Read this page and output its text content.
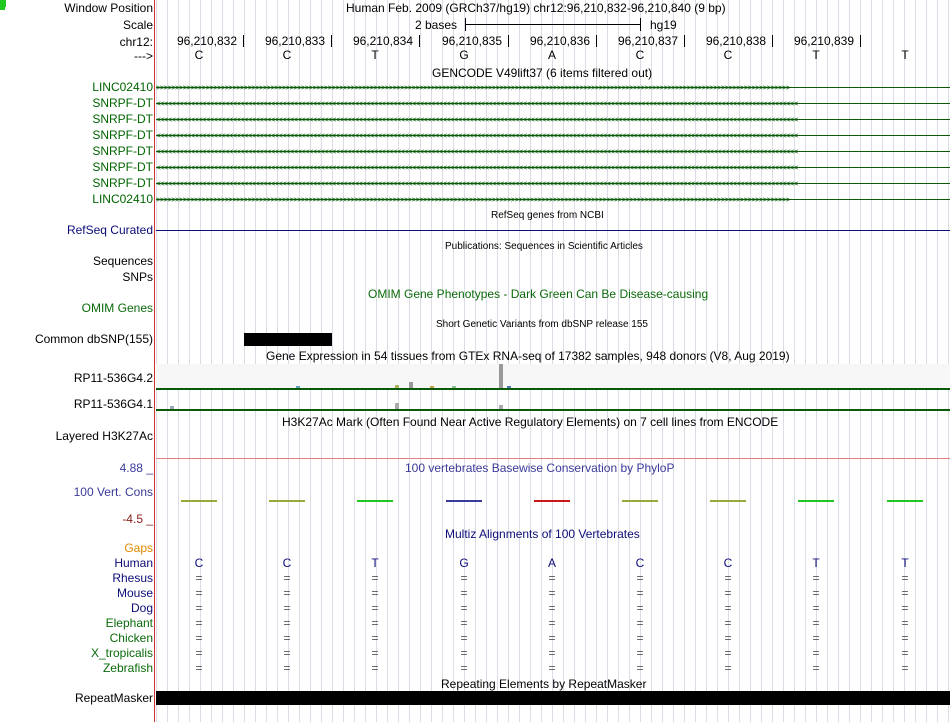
Window Position	Human Feb. 2009 (GRCh37/hg19) chr12:96,210,832-96,210,840 (9 bp)
Scale	2 bases	hg19
chr12:	96,210,832	96,210,833	96,210,834	96,210,835	96,210,836	96,210,837	96,210,838	96,210,839
--->	C	C	T	G	A	C	C	T	T
GENCODE V49lift37 (6 items filtered out)
LINC02410
SNRPF-DT
SNRPF-DT
SNRPF-DT
SNRPF-DT
SNRPF-DT
SNRPF-DT
LINC02410
RefSeq genes from NCBI
RefSeq Curated
Publications: Sequences in Scientific Articles
Sequences
SNPs
OMIM Gene Phenotypes - Dark Green Can Be Disease-causing
OMIM Genes
Short Genetic Variants from dbSNP release 155
Common dbSNP(155)
Gene Expression in 54 tissues from GTEx RNA-seq of 17382 samples, 948 donors (V8, Aug 2019)
RP11-536G4.2
RP11-536G4.1
H3K27Ac Mark (Often Found Near Active Regulatory Elements) on 7 cell lines from ENCODE
Layered H3K27Ac
100 vertebrates Basewise Conservation by PhyloP
4.88 _
100 Vert. Cons
-4.5 _
Multiz Alignments of 100 Vertebrates
Gaps
Human	C	C	T	G	A	C	C	T	T
Rhesus	=	=	=	=	=	=	=	=	=
Mouse	=	=	=	=	=	=	=	=	=
Dog	=	=	=	=	=	=	=	=	=
Elephant	=	=	=	=	=	=	=	=	=
Chicken	=	=	=	=	=	=	=	=	=
X_tropicalis	=	=	=	=	=	=	=	=	=
Zebrafish	=	=	=	=	=	=	=	=	=
Repeating Elements by RepeatMasker
RepeatMasker
